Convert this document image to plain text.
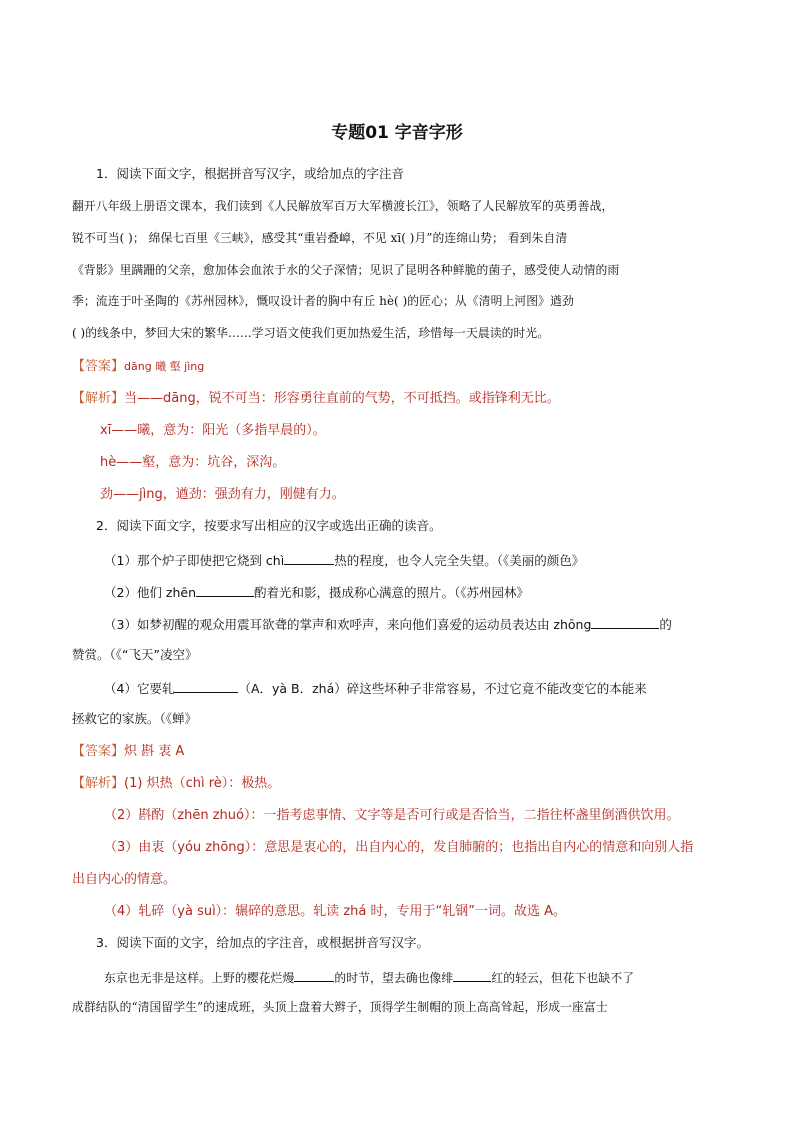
专题01 字音字形
1．阅读下面文字，根据拼音写汉字，或给加点的字注音
翻开八年级上册语文课本，我们读到《人民解放军百万大军横渡长江》，领略了人民解放军的英勇善战，
锐不可当( )； 绵保七百里《三峡》，感受其“重岩叠嶂，不见 xī( )月”的连绵山势； 看到朱自清
《背影》里蹒跚的父亲，愈加体会血浓于水的父子深情；见识了昆明各种鲜脆的菌子，感受使人动情的雨
季；流连于叶圣陶的《苏州园林》，慨叹设计者的胸中有丘 hè( )的匠心；从《清明上河图》遒劲
( )的线条中，梦回大宋的繁华……学习语文使我们更加热爱生活，珍惜每一天晨读的时光。
【答案】dāng 曦 壑 jìng
【解析】当——dāng，锐不可当：形容勇往直前的气势，不可抵挡。或指锋利无比。
xī——曦，意为：阳光（多指早晨的）。
hè——壑，意为：坑谷，深沟。
劲——jìng，遒劲：强劲有力，刚健有力。
2．阅读下面文字，按要求写出相应的汉字或选出正确的读音。
（1）那个炉子即使把它烧到 chì	热的程度，也令人完全失望。（《美丽的颜色》
（2）他们 zhēn	酌着光和影，摄成称心满意的照片。（《苏州园林》
（3）如梦初醒的观众用震耳欲聋的掌声和欢呼声，来向他们喜爱的运动员表达由 zhōng	的
赞赏。（《“飞天”凌空》
（4）它要轧	（A．yà B．zhá）碎这些坏种子非常容易，不过它竟不能改变它的本能来
拯救它的家族。（《蝉》
【答案】炽 斟 衷 A
【解析】(1) 炽热（chì rè）：极热。
（2）斟酌（zhēn zhuó）：一指考虑事情、文字等是否可行或是否恰当，二指往杯盏里倒酒供饮用。
（3）由衷（yóu zhōng）：意思是衷心的，出自内心的，发自肺腑的；也指出自内心的情意和向别人指
出自内心的情意。
（4）轧碎（yà suì）：辗碎的意思。轧读 zhá 时，专用于“轧钢”一词。故选 A。
3．阅读下面的文字，给加点的字注音，或根据拼音写汉字。
东京也无非是这样。上野的樱花烂熳	的时节，望去确也像绯	红的轻云，但花下也缺不了
成群结队的“清国留学生”的速成班，头顶上盘着大辫子，顶得学生制帽的顶上高高耸起，形成一座富士
